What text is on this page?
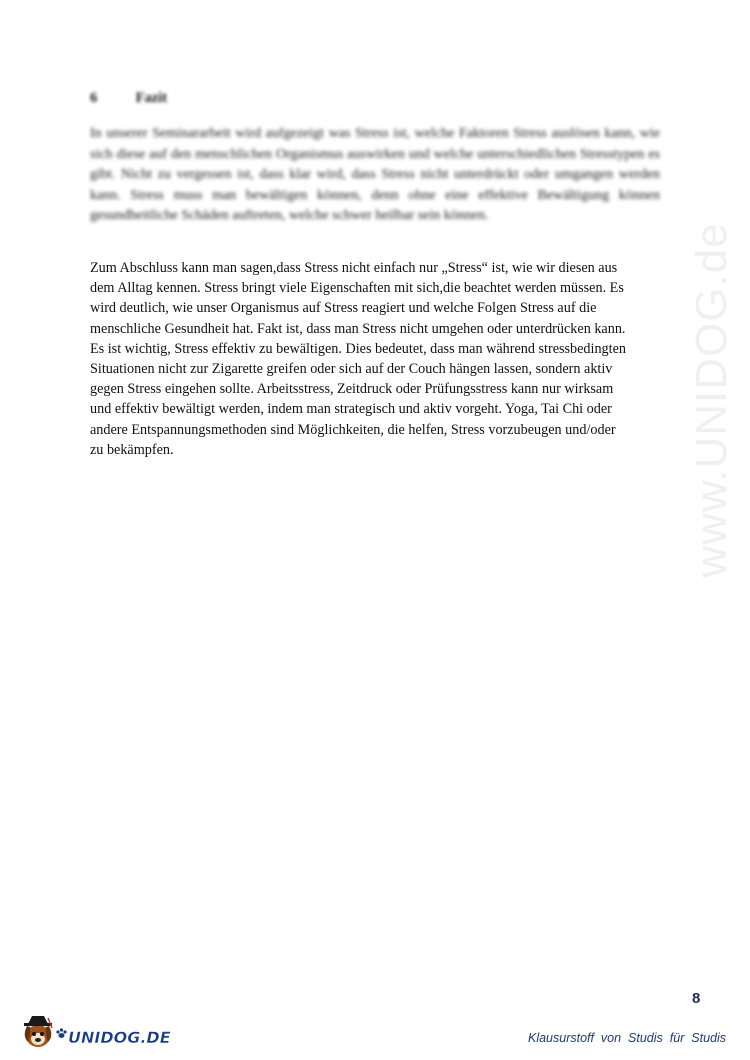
www.UNIDOG.de
6	Fazit
In unserer Seminararbeit wird aufgezeigt was Stress ist, welche Faktoren Stress auslösen kann, wie sich diese auf den menschlichen Organismus auswirken und welche unterschiedlichen Stresstypen es gibt. Nicht zu vergessen ist, dass klar wird, dass Stress nicht unterdrückt oder umgangen werden kann. Stress muss man bewältigen können, denn ohne eine effektive Bewältigung können gesundheitliche Schäden auftreten, welche schwer heilbar sein können.
Zum Abschluss kann man sagen,dass Stress nicht einfach nur „Stress“ ist, wie wir diesen aus
dem Alltag kennen. Stress bringt viele Eigenschaften mit sich,die beachtet werden müssen. Es
wird deutlich, wie unser Organismus auf Stress reagiert und welche Folgen Stress auf die
menschliche Gesundheit hat. Fakt ist, dass man Stress nicht umgehen oder unterdrücken kann.
Es ist wichtig, Stress effektiv zu bewältigen. Dies bedeutet, dass man während stressbedingten
Situationen nicht zur Zigarette greifen oder sich auf der Couch hängen lassen, sondern aktiv
gegen Stress eingehen sollte. Arbeitsstress, Zeitdruck oder Prüfungsstress kann nur wirksam
und effektiv bewältigt werden, indem man strategisch und aktiv vorgeht. Yoga, Tai Chi oder
andere Entspannungsmethoden sind Möglichkeiten, die helfen, Stress vorzubeugen und/oder
zu bekämpfen.
8
UNIDOG.DE	Klausurstoff  von  Studis  für  Studis
